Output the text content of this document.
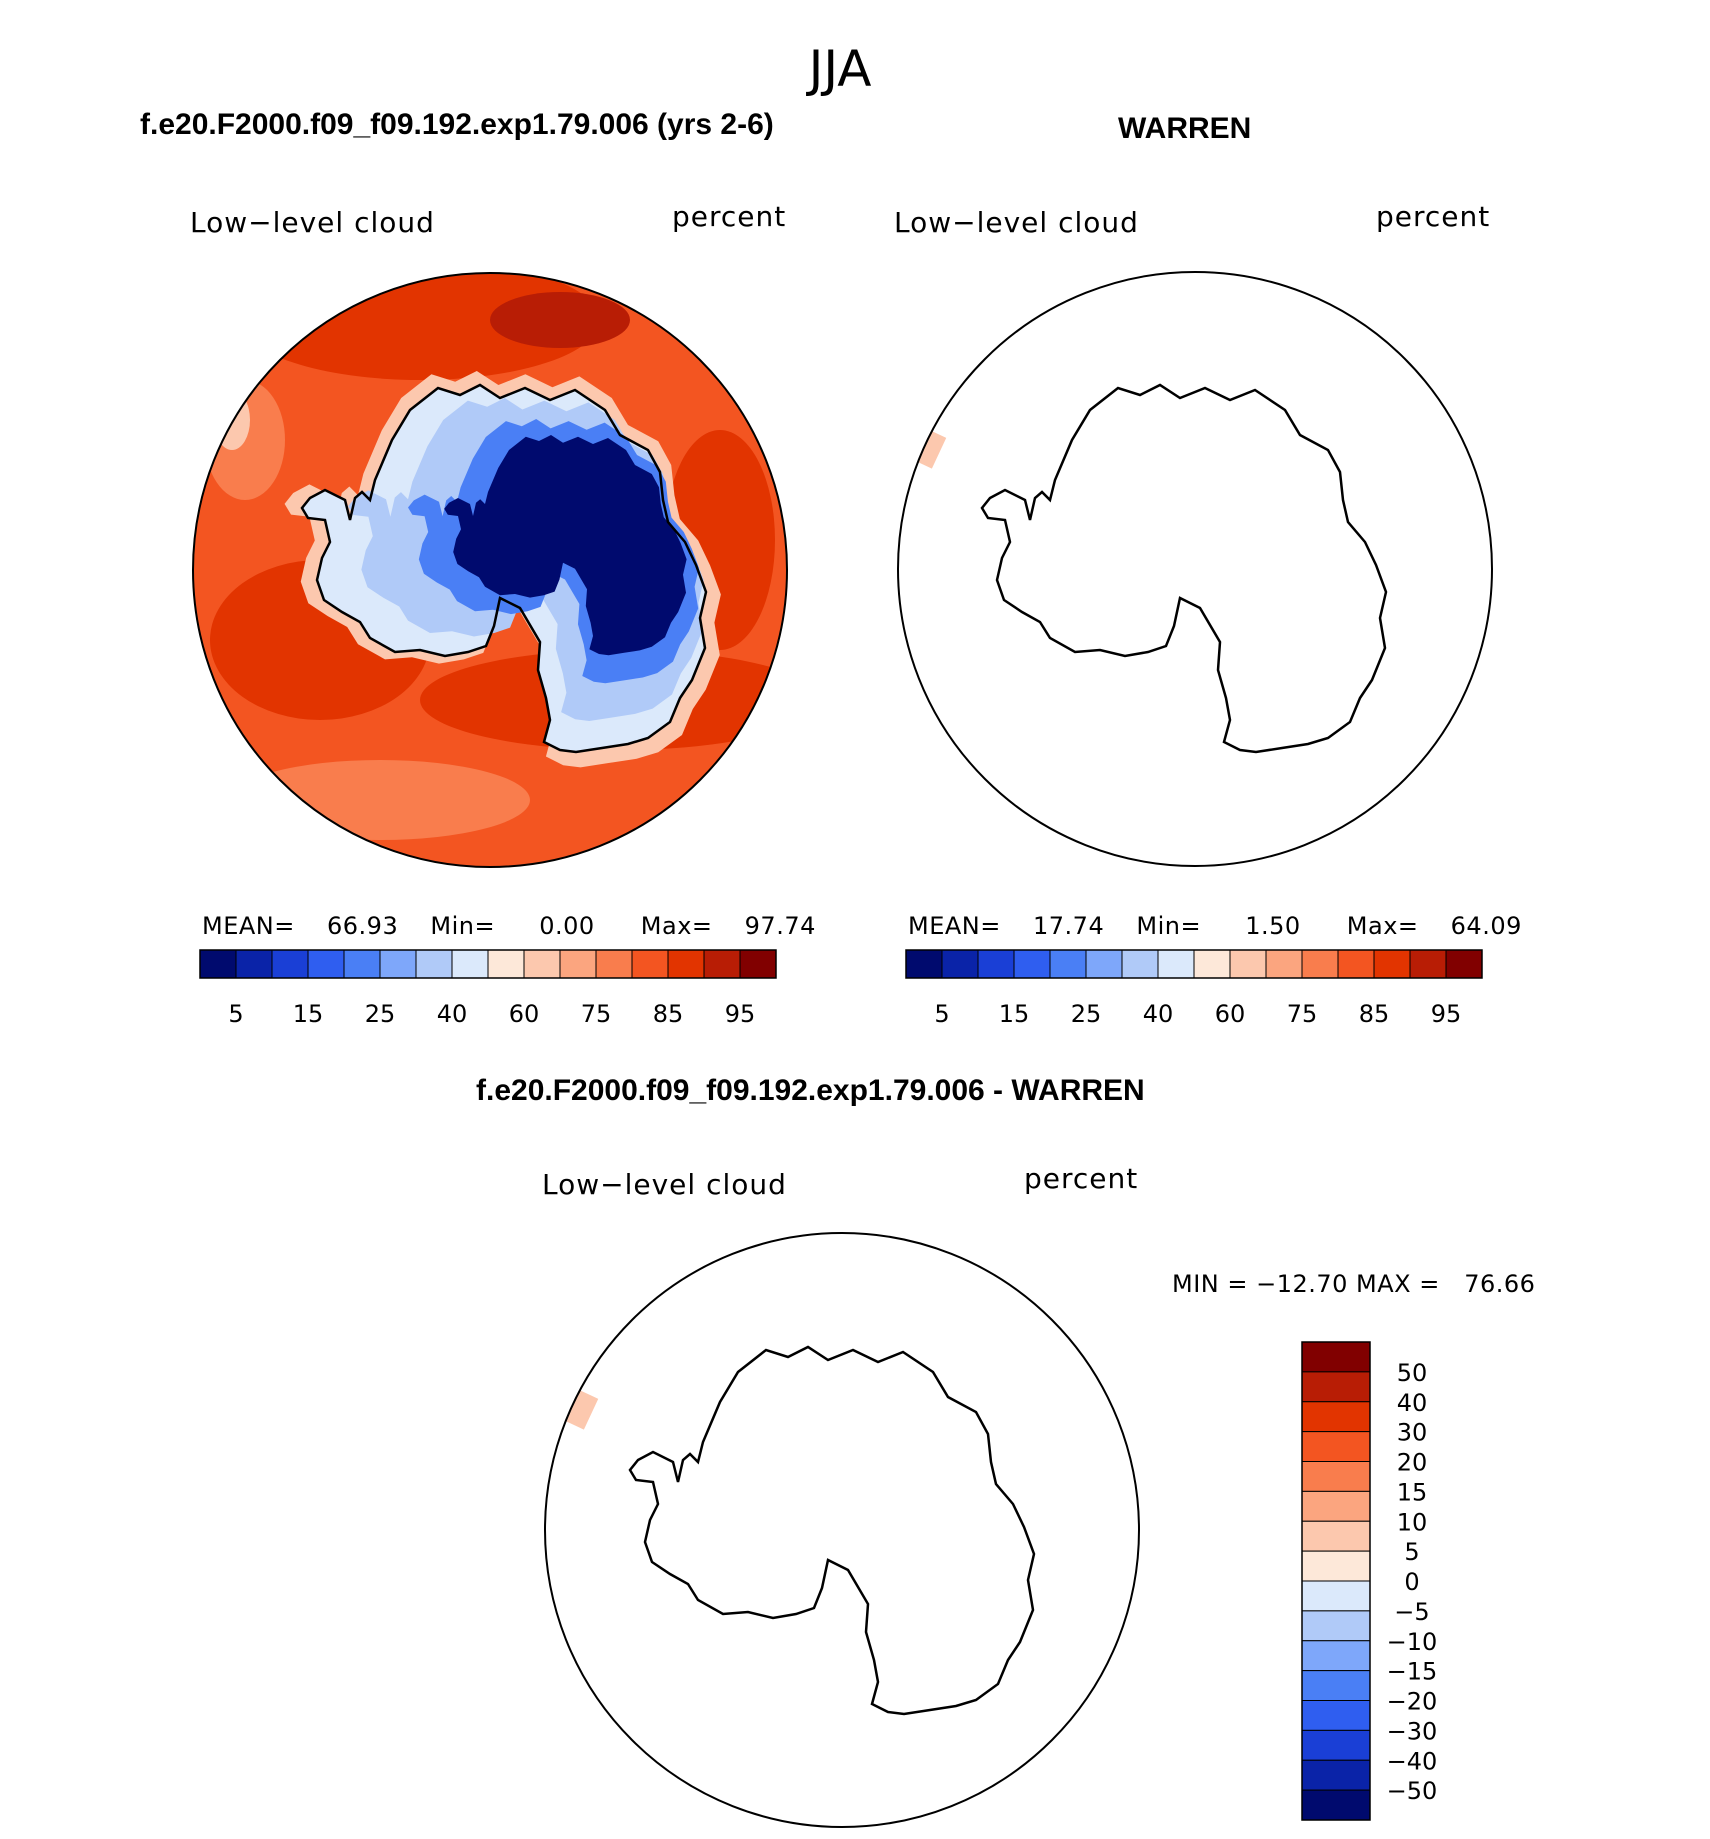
JJA
f.e20.F2000.f09_f09.192.exp1.79.006 (yrs 2-6)	WARREN
Low−level cloud	percent	Low−level cloud	percent
5 15 25 40 60 75 85 95	5 15 25 40 60 75 85 95
50
40
30
20
15
10
5
0
−5
−10
−15
−20
−30
−40
−50
MEAN= 66.93 Min= 0.00 Max= 97.74	MEAN= 17.74 Min= 1.50 Max= 64.09
f.e20.F2000.f09_f09.192.exp1.79.006 - WARREN
Low−level cloud	percent
MIN = −12.70 MAX =   76.66
